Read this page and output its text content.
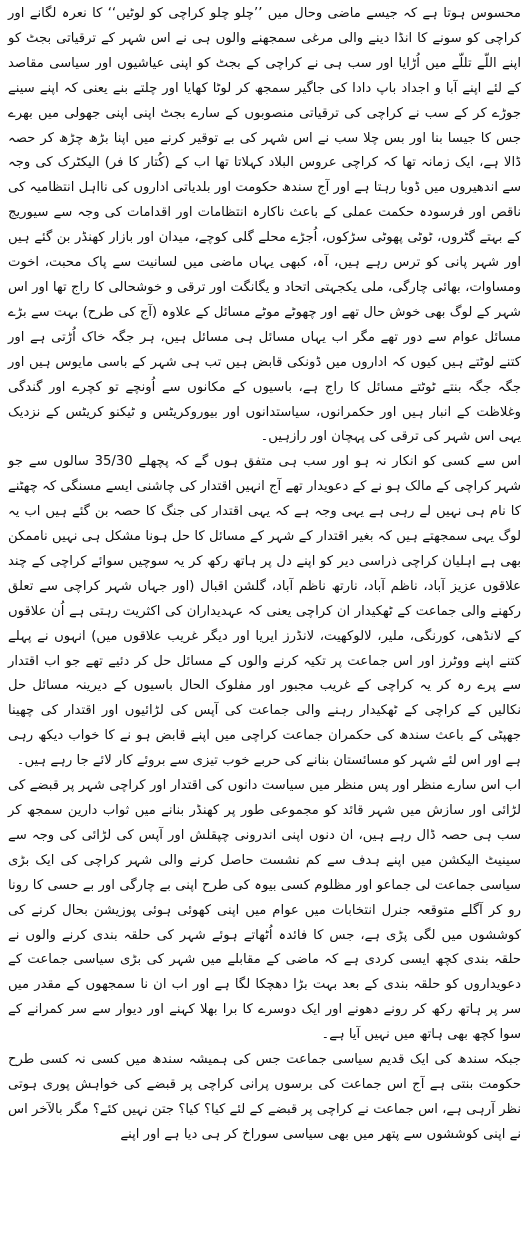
محسوس ہوتا ہے کہ جیسے ماضی وحال میں ’’چلو چلو کراچی کو لوٹیں‘‘ کا نعرہ لگانے اور کراچی کو سونے کا انڈا دینے والی مرغی سمجھنے والوں ہی نے اس شہر کے ترقیاتی بجٹ کو اپنے اللّے تللّے میں اُڑایا اور سب ہی نے کراچی کے بجٹ کو اپنی عیاشیوں اور سیاسی مقاصد کے لئے اپنے آبا و اجداد باپ دادا کی جاگیر سمجھ کر لوٹا کھایا اور چلتے بنے یعنی کہ اپنے سینے جوڑے کر کے سب نے کراچی کی ترقیاتی منصوبوں کے سارے بجٹ اپنی اپنی جھولی میں بھرے جس کا جیسا بنا اور بس چلا سب نے اس شہر کی بے توقیر کرنے میں اپنا بڑھ چڑھ کر حصہ ڈالا ہے، ایک زمانہ تھا کہ کراچی عروس البلاد کہلاتا تھا اب کے (کُتار کا فر) الیکٹرک کی وجہ سے اندھیروں میں ڈوبا رہتا ہے اور آج سندھ حکومت اور بلدیاتی اداروں کی نااہل انتظامیہ کی ناقص اور فرسودہ حکمت عملی کے باعث ناکارہ انتظامات اور اقدامات کی وجہ سے سیوریج کے بہتے گٹروں، ٹوٹی پھوٹی سڑکوں، اُجڑے محلے گلی کوچے، میدان اور بازار کھنڈر بن گئے ہیں اور شہر پانی کو ترس رہے ہیں، آہ، کبھی یہاں ماضی میں لسانیت سے پاک محبت، اخوت ومساوات، بھائی چارگی، ملی یکجہتی اتحاد و یگانگت اور ترقی و خوشحالی کا راج تھا اور اس شہر کے لوگ بھی خوش حال تھے اور چھوٹے موٹے مسائل کے علاوہ (آج کی طرح) بہت سے بڑے مسائل عوام سے دور تھے مگر اب یہاں مسائل ہی مسائل ہیں، ہر جگہ خاک اُڑتی ہے اور کتنے لوٹتے ہیں کیوں کہ اداروں میں ڈونکی قابض ہیں تب ہی شہر کے باسی مایوس ہیں اور جگہ جگہ بنتے ٹوٹتے مسائل کا راج ہے، باسیوں کے مکانوں سے اُونچے تو کچرے اور گندگی وغلاظت کے انبار ہیں اور حکمرانوں، سیاستدانوں اور بیوروکریٹس و ٹیکنو کریٹس کے نزدیک یہی اس شہر کی ترقی کی پہچان اور رازہیں۔

اس سے کسی کو انکار نہ ہو اور سب ہی متفق ہوں گے کہ پچھلے 35/30 سالوں سے جو شہر کراچی کے مالک ہو نے کے دعویدار تھے آج انہیں اقتدار کی چاشنی ایسے مسنگی کہ چھٹنے کا نام ہی نہیں لے رہی ہے یہی وجہ ہے کہ یہی اقتدار کی جنگ کا حصہ بن گئے ہیں اب یہ لوگ یہی سمجھتے ہیں کہ بغیر اقتدار کے شہر کے مسائل کا حل ہونا مشکل ہی نہیں ناممکن بھی ہے اہلیان کراچی ذراسی دیر کو اپنے دل پر ہاتھ رکھ کر یہ سوچیں سوائے کراچی کے چند علاقوں عزیز آباد، ناظم آباد، نارتھ ناظم آباد، گلشن اقبال (اور جہاں شہر کراچی سے تعلق رکھنے والی جماعت کے ٹھکیدار ان کراچی یعنی کہ عہدیداران کی اکثریت رہتی ہے اُن علاقوں کے لانڈھی، کورنگی، ملیر، لالوکھیت، لانڈرز ایریا اور دیگر غریب علاقوں میں) انہوں نے پہلے کتنے اپنے ووٹرز اور اس جماعت پر تکیہ کرنے والوں کے مسائل حل کر دئیے تھے جو اب اقتدار سے پرے رہ کر یہ کراچی کے غریب مجبور اور مفلوک الحال باسیوں کے دیرینہ مسائل حل نکالیں کے کراچی کے ٹھکیدار رہنے والی جماعت کی آپس کی لڑائیوں اور اقتدار کی چھینا جھپٹی کے باعث سندھ کی حکمران جماعت کراچی میں اپنے قابض ہو نے کا خواب دیکھ رہی ہے اور اس لئے شہر کو مسائستان بنانے کی حربے خوب تیزی سے بروئے کار لائے جا رہے ہیں۔

اب اس سارے منظر اور پس منظر میں سیاست دانوں کی اقتدار اور کراچی شہر پر قبضے کی لڑائی اور سازش میں شہر قائد کو مجموعی طور پر کھنڈر بنانے میں ثواب دارین سمجھ کر سب ہی حصہ ڈال رہے ہیں، ان دنوں اپنی اندرونی چپقلش اور آپس کی لڑائی کی وجہ سے سینیٹ الیکشن میں اپنے ہدف سے کم نشست حاصل کرنے والی شہر کراچی کی ایک بڑی سیاسی جماعت لی جماعو اور مظلوم کسی بیوہ کی طرح اپنی بے چارگی اور بے حسی کا رونا رو کر آگلے متوقعہ جنرل انتخابات میں عوام میں اپنی کھوئی ہوئی پوزیشن بحال کرنے کی کوششوں میں لگی پڑی ہے، جس کا فائدہ اُٹھاتے ہوئے شہر کی حلقہ بندی کرنے والوں نے حلقہ بندی کچھ ایسی کردی ہے کہ ماضی کے مقابلے میں شہر کی بڑی سیاسی جماعت کے دعویداروں کو حلقہ بندی کے بعد بہت بڑا دھچکا لگا ہے اور اب ان نا سمجھوں کے مقدر میں سر پر ہاتھ رکھ کر رونے دھونے اور ایک دوسرے کا برا بھلا کہنے اور دیوار سے سر کمرانے کے سوا کچھ بھی ہاتھ میں نہیں آیا ہے۔

جبکہ سندھ کی ایک قدیم سیاسی جماعت جس کی ہمیشہ سندھ میں کسی نہ کسی طرح حکومت بنتی ہے آج اس جماعت کی برسوں پرانی کراچی پر قبضے کی خواہش پوری ہوتی نظر آرہی ہے، اس جماعت نے کراچی پر قبضے کے لئے کیا؟ کیا؟ جتن نہیں کئے؟ مگر بالآخر اس نے اپنی کوششوں سے پتھر میں بھی سیاسی سوراخ کر ہی دیا ہے اور اپنے
